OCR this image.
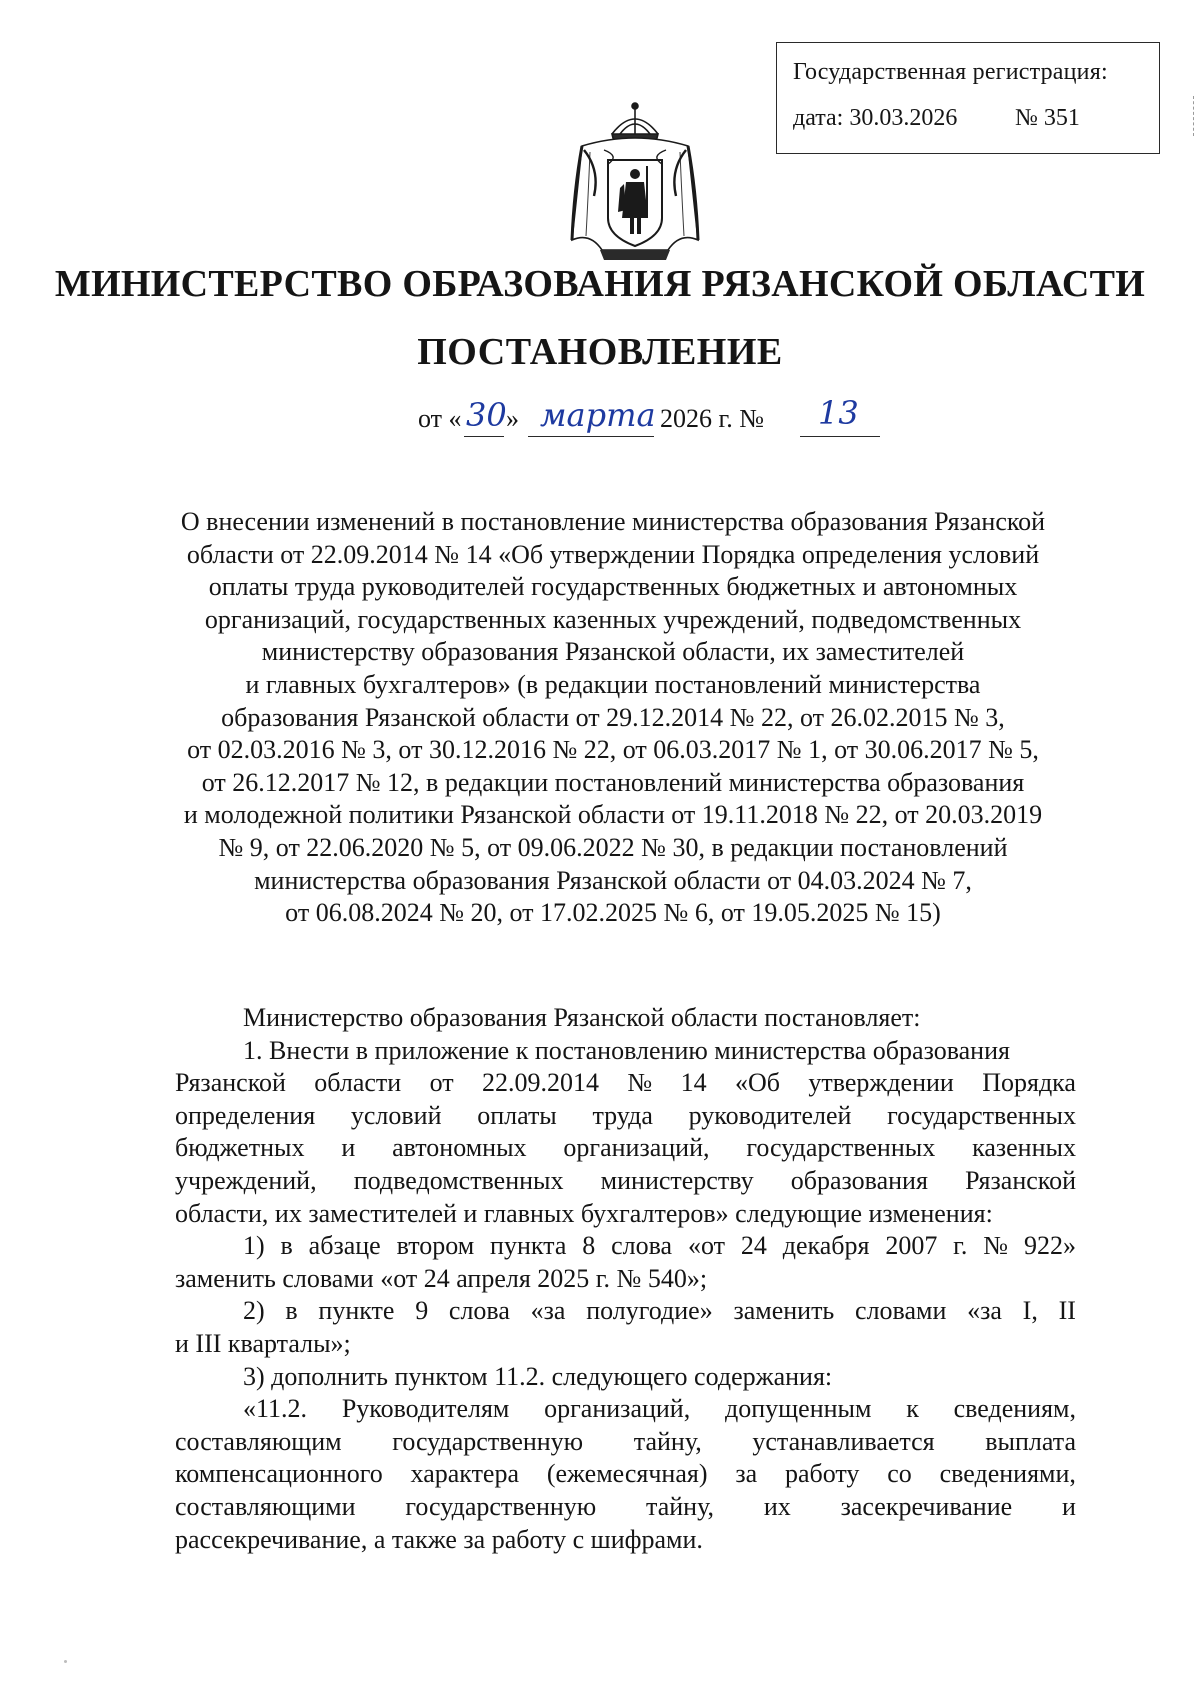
Государственная регистрация:
дата: 30.03.2026 № 351
МИНИСТЕРСТВО ОБРАЗОВАНИЯ РЯЗАНСКОЙ ОБЛАСТИ
ПОСТАНОВЛЕНИЕ
от « 30 » марта 2026 г. № 13
О внесении изменений в постановление министерства образования Рязанской
области от 22.09.2014 № 14 «Об утверждении Порядка определения условий
оплаты труда руководителей государственных бюджетных и автономных
организаций, государственных казенных учреждений, подведомственных
министерству образования Рязанской области, их заместителей
и главных бухгалтеров» (в редакции постановлений министерства
образования Рязанской области от 29.12.2014 № 22, от 26.02.2015 № 3,
от 02.03.2016 № 3, от 30.12.2016 № 22, от 06.03.2017 № 1, от 30.06.2017 № 5,
от 26.12.2017 № 12, в редакции постановлений министерства образования
и молодежной политики Рязанской области от 19.11.2018 № 22, от 20.03.2019
№ 9, от 22.06.2020 № 5, от 09.06.2022 № 30, в редакции постановлений
министерства образования Рязанской области от 04.03.2024 № 7,
от 06.08.2024 № 20, от 17.02.2025 № 6, от 19.05.2025 № 15)
Министерство образования Рязанской области постановляет:
1. Внести в приложение к постановлению министерства образования
Рязанской области от 22.09.2014 № 14 «Об утверждении Порядка
определения условий оплаты труда руководителей государственных
бюджетных и автономных организаций, государственных казенных
учреждений, подведомственных министерству образования Рязанской
области, их заместителей и главных бухгалтеров» следующие изменения:
1) в абзаце втором пункта 8 слова «от 24 декабря 2007 г. № 922»
заменить словами «от 24 апреля 2025 г. № 540»;
2) в пункте 9 слова «за полугодие» заменить словами «за I, II
и III кварталы»;
3) дополнить пунктом 11.2. следующего содержания:
«11.2. Руководителям организаций, допущенным к сведениям,
составляющим государственную тайну, устанавливается выплата
компенсационного характера (ежемесячная) за работу со сведениями,
составляющими государственную тайну, их засекречивание и
рассекречивание, а также за работу с шифрами.
